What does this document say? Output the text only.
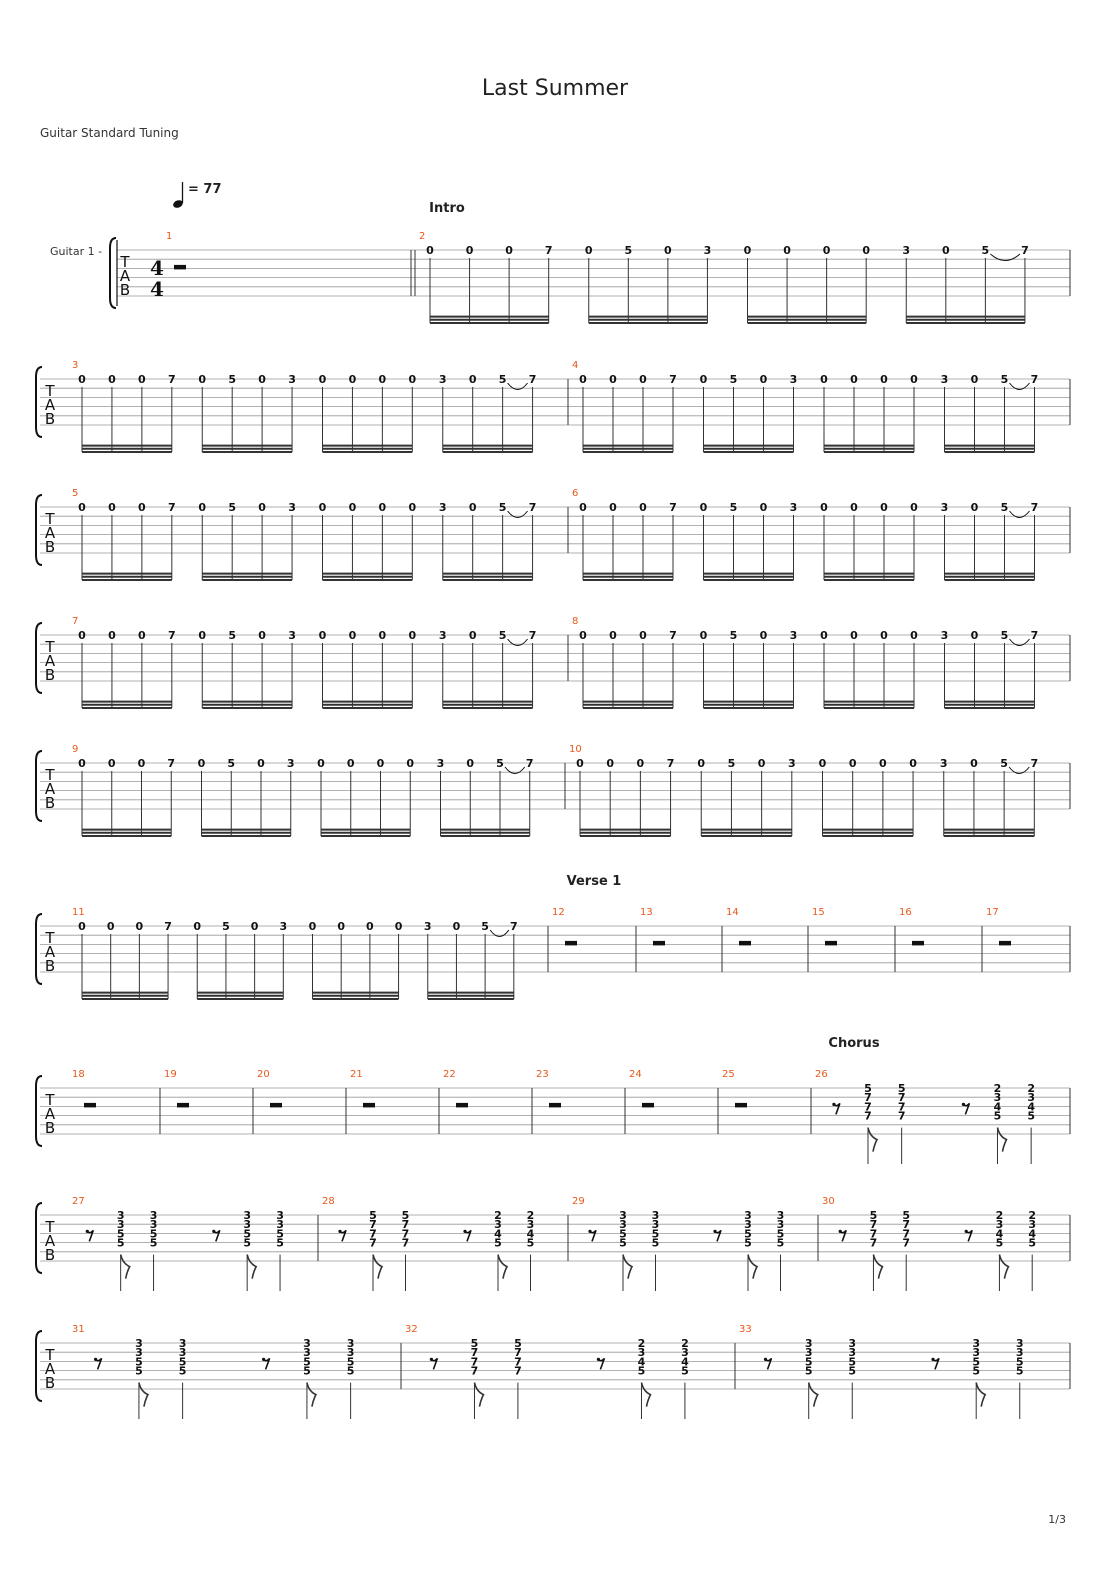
Last Summer
Guitar Standard Tuning
= 77
Guitar 1 -
1/3
T
A
B
4
4
1	2
0	0	0	7	0	5	0	3	0	0	0	0	3	0	5	7
T
A
B
3	4
0 0 0 7 0 5 0 3 0 0 0 0 3 0 5 7	0 0 0 7 0 5 0 3 0 0 0 0 3 0 5 7
T
A
B
5	6
0 0 0 7 0 5 0 3 0 0 0 0 3 0 5 7	0 0 0 7 0 5 0 3 0 0 0 0 3 0 5 7
T
A
B
7	8
0 0 0 7 0 5 0 3 0 0 0 0 3 0 5 7	0 0 0 7 0 5 0 3 0 0 0 0 3 0 5 7
T
A
B
9	10
0 0 0 7 0 5 0 3 0 0 0 0 3 0 5 7	0 0 0 7 0 5 0 3 0 0 0 0 3 0 5 7
T
A
B
11	12	13	14	15	16	17
0 0 0 7 0 5 0 3 0 0 0 0 3 0 5 7
T
A
B
18	19	20	21	22	23	24	25	26
5
7
7
7
5
7
7
7
2
3
4
5
2
3
4
5
T
A
B
27	28	29	30
3
3
5
5
3
3
5
5
3
3
5
5
3
3
5
5
5
7
7
7
5
7
7
7
2
3
4
5
2
3
4
5
3
3
5
5
3
3
5
5
3
3
5
5
3
3
5
5
5
7
7
7
5
7
7
7
2
3
4
5
2
3
4
5
T
A
B
31	32	33
3
3
5
5
3
3
5
5
3
3
5
5
3
3
5
5
5
7
7
7
5
7
7
7
2
3
4
5
2
3
4
5
3
3
5
5
3
3
5
5
3
3
5
5
3
3
5
5
Intro
Verse 1
Chorus
